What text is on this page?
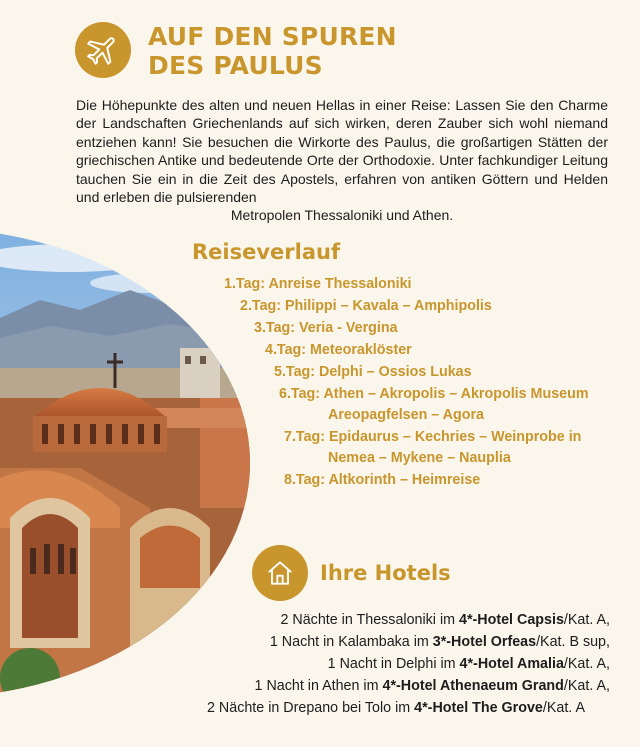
AUF DEN SPUREN
DES PAULUS

Die Höhepunkte des alten und neuen Hellas in einer Reise: Lassen Sie den Charme der Landschaften Griechenlands auf sich wirken, deren Zauber sich wohl niemand entziehen kann! Sie besuchen die Wirkorte des Paulus, die großartigen Stätten der griechischen Antike und bedeutende Orte der Orthodoxie. Unter fachkundiger Leitung tauchen Sie ein in die Zeit des Apostels, erfahren von antiken Göttern und Helden und erleben die pulsierenden

Metropolen Thessaloniki und Athen.

Reiseverlauf
1.Tag: Anreise Thessaloniki
2.Tag: Philippi – Kavala – Amphipolis
3.Tag: Veria - Vergina
4.Tag: Meteoraklöster
5.Tag: Delphi – Ossios Lukas
6.Tag: Athen – Akropolis – Akropolis Museum
Areopagfelsen – Agora
7.Tag: Epidaurus – Kechries – Weinprobe in
Nemea – Mykene – Nauplia
8.Tag: Altkorinth – Heimreise
Ihre Hotels
2 Nächte in Thessaloniki im 4*-Hotel Capsis/Kat. A,
1 Nacht in Kalambaka im 3*-Hotel Orfeas/Kat. B sup,
1 Nacht in Delphi im 4*-Hotel Amalia/Kat. A,
1 Nacht in Athen im 4*-Hotel Athenaeum Grand/Kat. A,
2 Nächte in Drepano bei Tolo im 4*-Hotel The Grove/Kat. A
